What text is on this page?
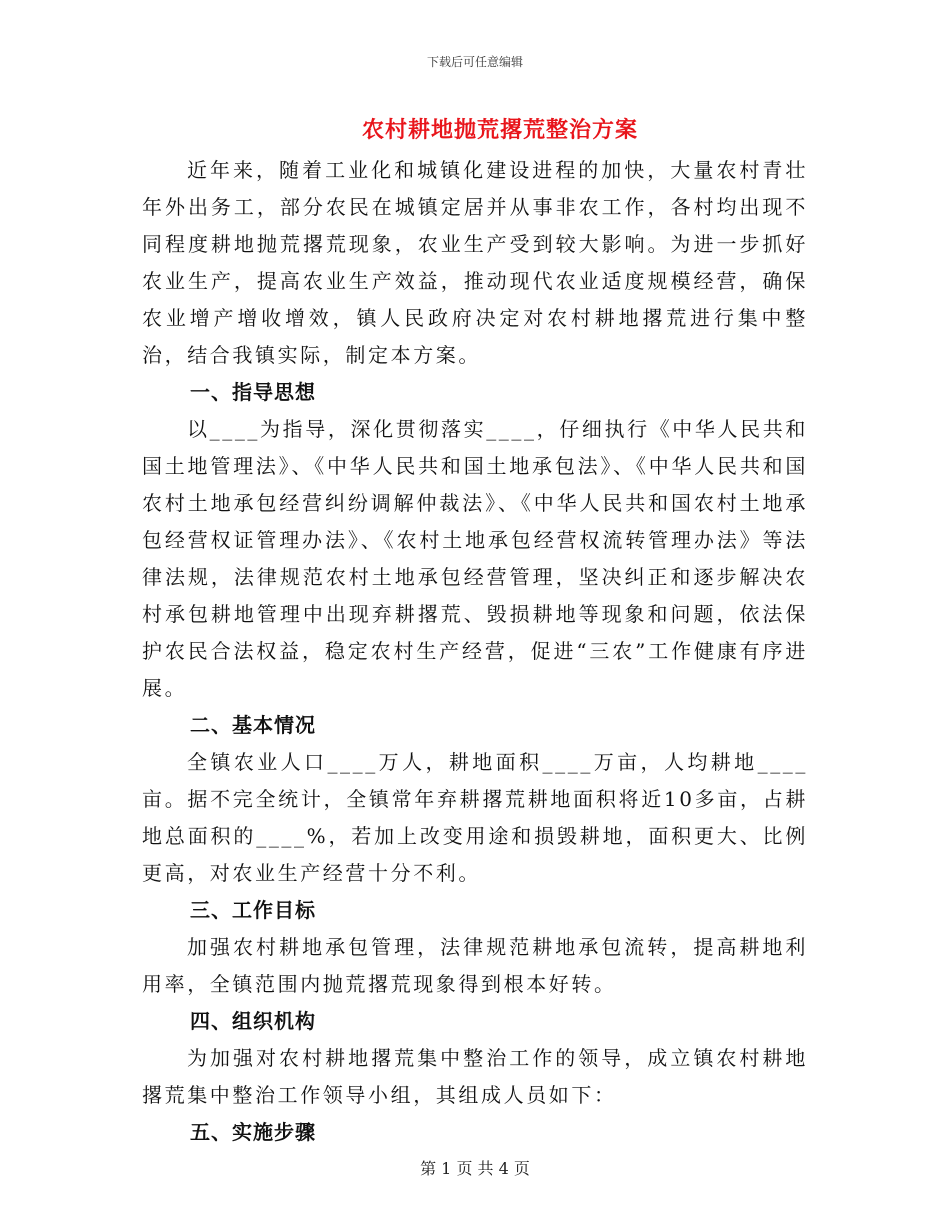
下载后可任意编辑
农村耕地抛荒撂荒整治方案

近年来，随着工业化和城镇化建设进程的加快，大量农村青壮年外出务工，部分农民在城镇定居并从事非农工作，各村均出现不同程度耕地抛荒撂荒现象，农业生产受到较大影响。为进一步抓好农业生产，提高农业生产效益，推动现代农业适度规模经营，确保农业增产增收增效，镇人民政府决定对农村耕地撂荒进行集中整治，结合我镇实际，制定本方案。

一、指导思想

以____为指导，深化贯彻落实____，仔细执行《中华人民共和国土地管理法》、《中华人民共和国土地承包法》、《中华人民共和国农村土地承包经营纠纷调解仲裁法》、《中华人民共和国农村土地承包经营权证管理办法》、《农村土地承包经营权流转管理办法》等法律法规，法律规范农村土地承包经营管理，坚决纠正和逐步解决农村承包耕地管理中出现弃耕撂荒、毁损耕地等现象和问题，依法保护农民合法权益，稳定农村生产经营，促进“三农”工作健康有序进展。

二、基本情况

全镇农业人口____万人，耕地面积____万亩，人均耕地____亩。据不完全统计，全镇常年弃耕撂荒耕地面积将近10多亩，占耕地总面积的____%，若加上改变用途和损毁耕地，面积更大、比例更高，对农业生产经营十分不利。

三、工作目标

加强农村耕地承包管理，法律规范耕地承包流转，提高耕地利用率，全镇范围内抛荒撂荒现象得到根本好转。

四、组织机构

为加强对农村耕地撂荒集中整治工作的领导，成立镇农村耕地撂荒集中整治工作领导小组，其组成人员如下：

五、实施步骤

第 1 页 共 4 页
